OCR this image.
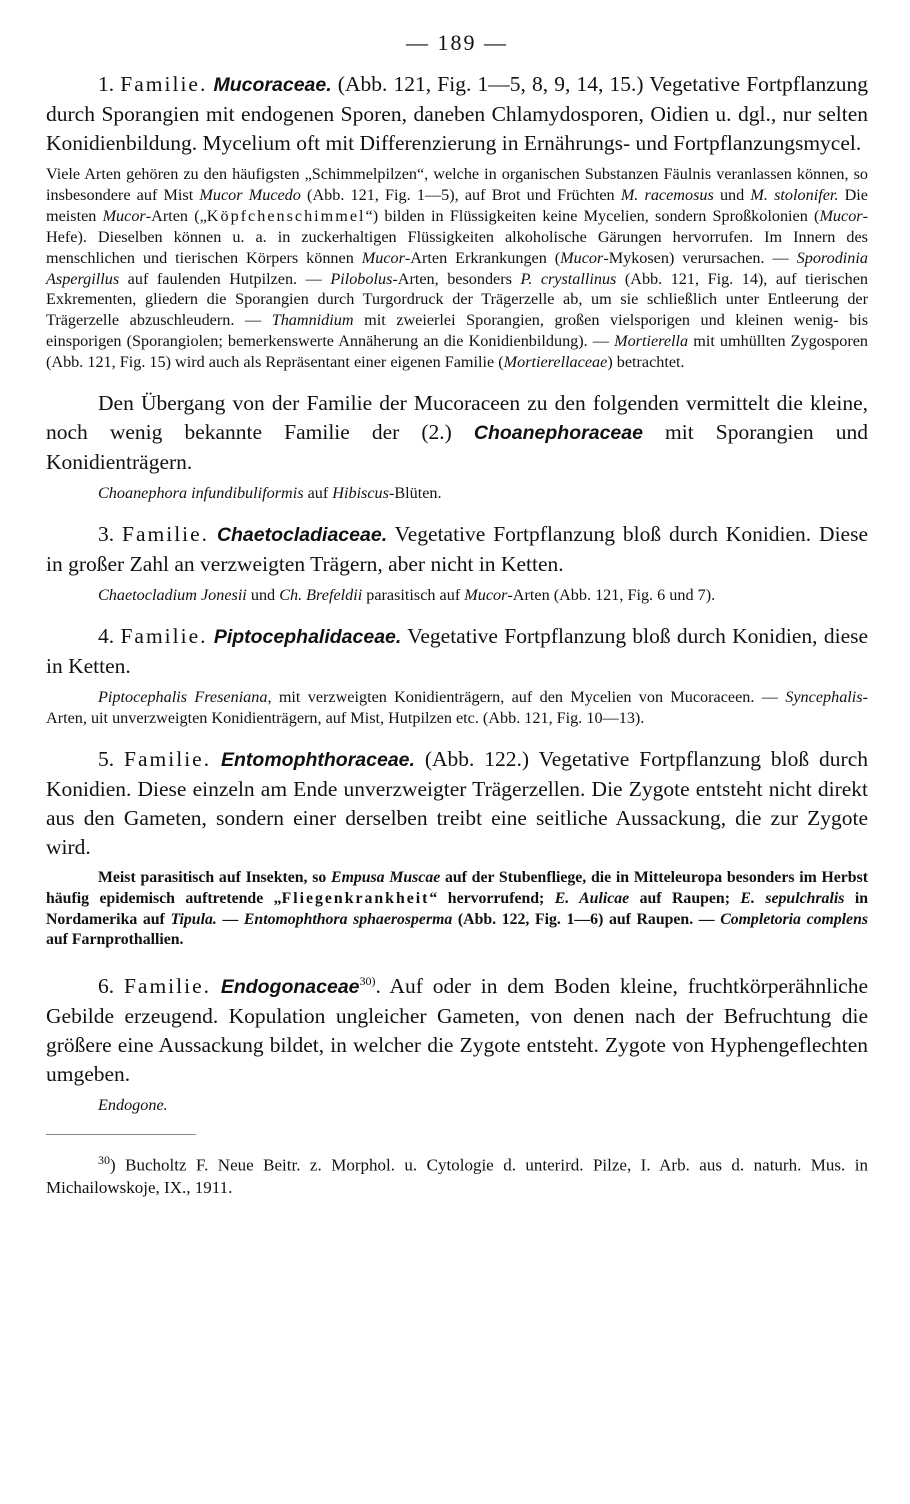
— 189 —

1. Familie. Mucoraceae. (Abb. 121, Fig. 1—5, 8, 9, 14, 15.) Vegetative Fortpflanzung durch Sporangien mit endogenen Sporen, daneben Chlamydosporen, Oidien u. dgl., nur selten Konidienbildung. Mycelium oft mit Differenzierung in Ernährungs- und Fortpflanzungsmycel.

Viele Arten gehören zu den häufigsten „Schimmelpilzen“, welche in organischen Substanzen Fäulnis veranlassen können, so insbesondere auf Mist Mucor Mucedo (Abb. 121, Fig. 1—5), auf Brot und Früchten M. racemosus und M. stolonifer. Die meisten Mucor-Arten („Köpfchenschimmel“) bilden in Flüssigkeiten keine Mycelien, sondern Sproßkolonien (Mucor-Hefe). Dieselben können u. a. in zuckerhaltigen Flüssigkeiten alkoholische Gärungen hervorrufen. Im Innern des menschlichen und tierischen Körpers können Mucor-Arten Erkrankungen (Mucor-Mykosen) verursachen. — Sporodinia Aspergillus auf faulenden Hutpilzen. — Pilobolus-Arten, besonders P. crystallinus (Abb. 121, Fig. 14), auf tierischen Exkrementen, gliedern die Sporangien durch Turgordruck der Trägerzelle ab, um sie schließlich unter Entleerung der Trägerzelle abzuschleudern. — Thamnidium mit zweierlei Sporangien, großen vielsporigen und kleinen wenig- bis einsporigen (Sporangiolen; bemerkenswerte Annäherung an die Konidienbildung). — Mortierella mit umhüllten Zygosporen (Abb. 121, Fig. 15) wird auch als Repräsentant einer eigenen Familie (Mortierellaceae) betrachtet.

Den Übergang von der Familie der Mucoraceen zu den folgenden vermittelt die kleine, noch wenig bekannte Familie der (2.) Choanephoraceae mit Sporangien und Konidienträgern.

Choanephora infundibuliformis auf Hibiscus-Blüten.

3. Familie. Chaetocladiaceae. Vegetative Fortpflanzung bloß durch Konidien. Diese in großer Zahl an verzweigten Trägern, aber nicht in Ketten.

Chaetocladium Jonesii und Ch. Brefeldii parasitisch auf Mucor-Arten (Abb. 121, Fig. 6 und 7).

4. Familie. Piptocephalidaceae. Vegetative Fortpflanzung bloß durch Konidien, diese in Ketten.

Piptocephalis Freseniana, mit verzweigten Konidienträgern, auf den Mycelien von Mucoraceen. — Syncephalis-Arten, uit unverzweigten Konidienträgern, auf Mist, Hutpilzen etc. (Abb. 121, Fig. 10—13).

5. Familie. Entomophthoraceae. (Abb. 122.) Vegetative Fortpflanzung bloß durch Konidien. Diese einzeln am Ende unverzweigter Trägerzellen. Die Zygote entsteht nicht direkt aus den Gameten, sondern einer derselben treibt eine seitliche Aussackung, die zur Zygote wird.

Meist parasitisch auf Insekten, so Empusa Muscae auf der Stubenfliege, die in Mitteleuropa besonders im Herbst häufig epidemisch auftretende „Fliegenkrankheit“ hervorrufend; E. Aulicae auf Raupen; E. sepulchralis in Nordamerika auf Tipula. — Entomophthora sphaerosperma (Abb. 122, Fig. 1—6) auf Raupen. — Completoria complens auf Farnprothallien.

6. Familie. Endogonaceae$^{30)}$. Auf oder in dem Boden kleine, fruchtkörperähnliche Gebilde erzeugend. Kopulation ungleicher Gameten, von denen nach der Befruchtung die größere eine Aussackung bildet, in welcher die Zygote entsteht. Zygote von Hyphengeflechten umgeben.

Endogone.

$^{30}$) Bucholtz F. Neue Beitr. z. Morphol. u. Cytologie d. unterird. Pilze, I. Arb. aus d. naturh. Mus. in Michailowskoje, IX., 1911.
